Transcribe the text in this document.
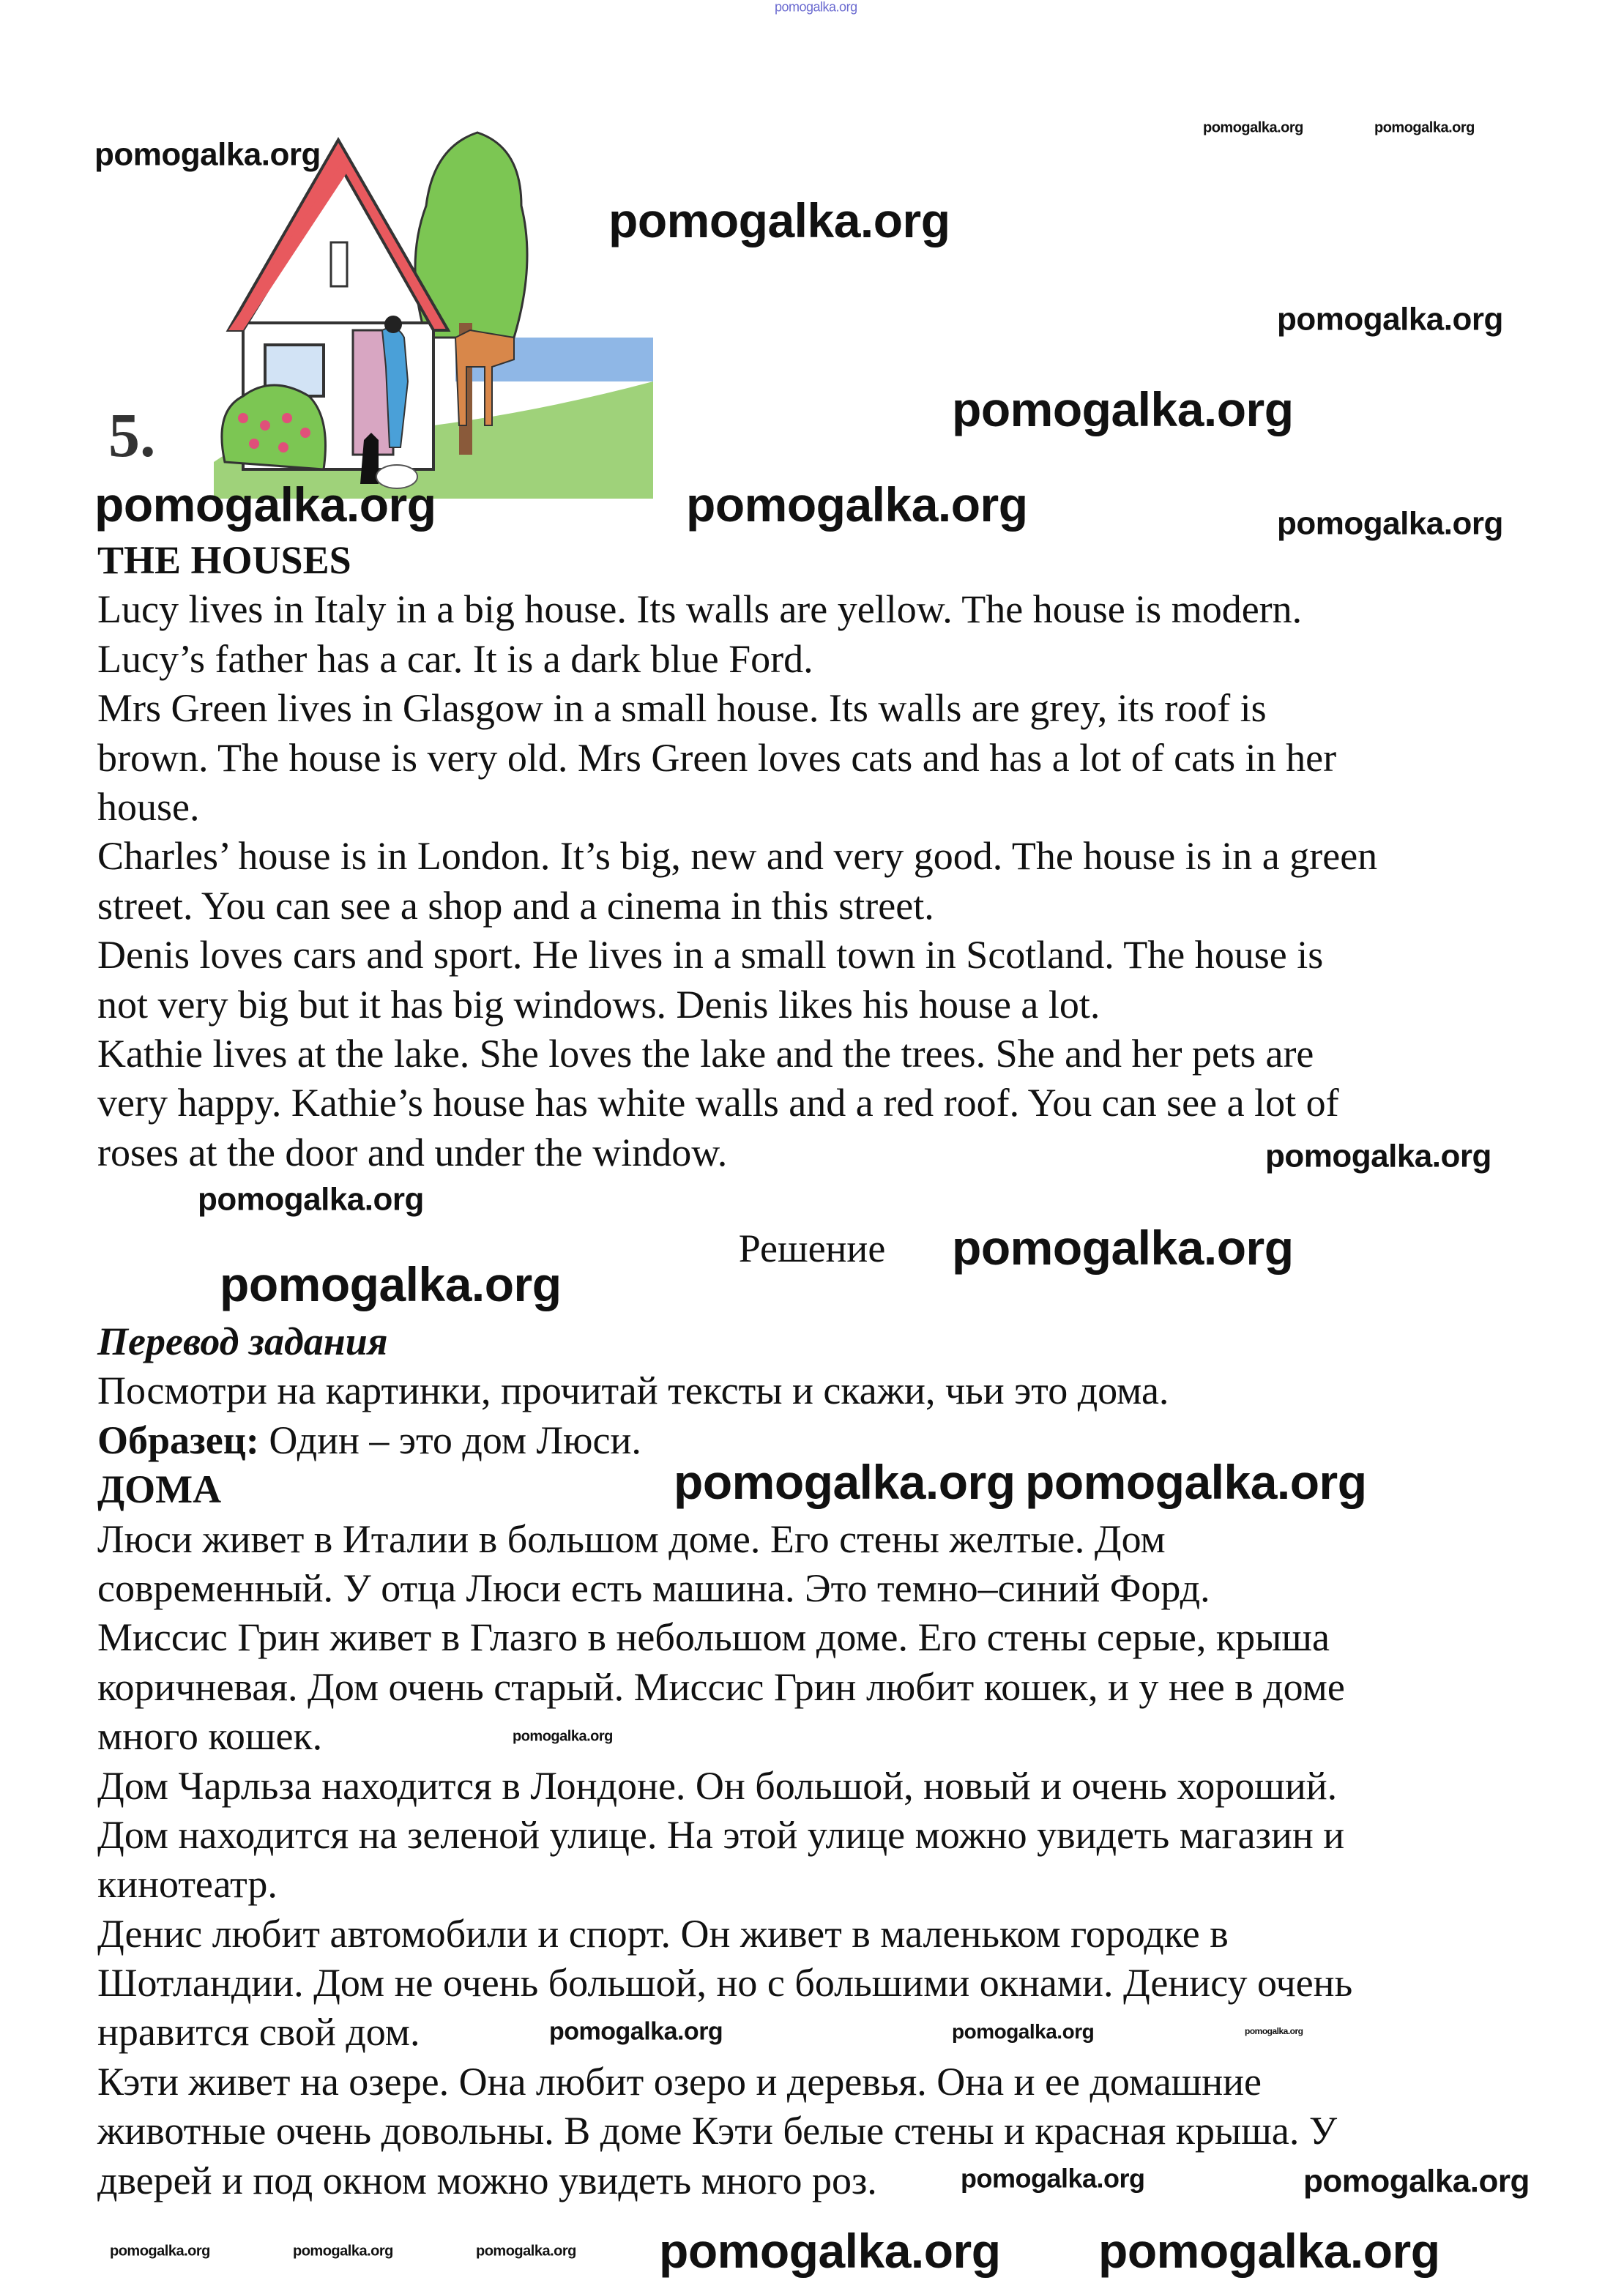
5.
THE HOUSES
Lucy lives in Italy in a big house. Its walls are yellow. The house is modern.
Lucy’s father has a car. It is a dark blue Ford.
Mrs Green lives in Glasgow in a small house. Its walls are grey, its roof is
brown. The house is very old. Mrs Green loves cats and has a lot of cats in her
house.
Charles’ house is in London. It’s big, new and very good. The house is in a green
street. You can see a shop and a cinema in this street.
Denis loves cars and sport. He lives in a small town in Scotland. The house is
not very big but it has big windows. Denis likes his house a lot.
Kathie lives at the lake. She loves the lake and the trees. She and her pets are
very happy. Kathie’s house has white walls and a red roof. You can see a lot of
roses at the door and under the window.
Решение
Перевод задания
Посмотри на картинки, прочитай тексты и скажи, чьи это дома.
Образец: Один – это дом Люси.
ДОМА
Люси живет в Италии в большом доме. Его стены желтые. Дом
современный. У отца Люси есть машина. Это темно–синий Форд.
Миссис Грин живет в Глазго в небольшом доме. Его стены серые, крыша
коричневая. Дом очень старый. Миссис Грин любит кошек, и у нее в доме
много кошек.
Дом Чарльза находится в Лондоне. Он большой, новый и очень хороший.
Дом находится на зеленой улице. На этой улице можно увидеть магазин и
кинотеатр.
Денис любит автомобили и спорт. Он живет в маленьком городке в
Шотландии. Дом не очень большой, но с большими окнами. Денису очень
нравится свой дом.
Кэти живет на озере. Она любит озеро и деревья. Она и ее домашние
животные очень довольны. В доме Кэти белые стены и красная крыша. У
дверей и под окном можно увидеть много роз.
pomogalka.org
pomogalka.org	pomogalka.org
pomogalka.org
pomogalka.org
pomogalka.org
pomogalka.org
pomogalka.org	pomogalka.org	pomogalka.org
pomogalka.org
pomogalka.org
pomogalka.org
pomogalka.org
pomogalka.org pomogalka.org
pomogalka.org
pomogalka.org
pomogalka.org	pomogalka.org
pomogalka.org	pomogalka.org
pomogalka.org	pomogalka.org	pomogalka.org pomogalka.org pomogalka.org
